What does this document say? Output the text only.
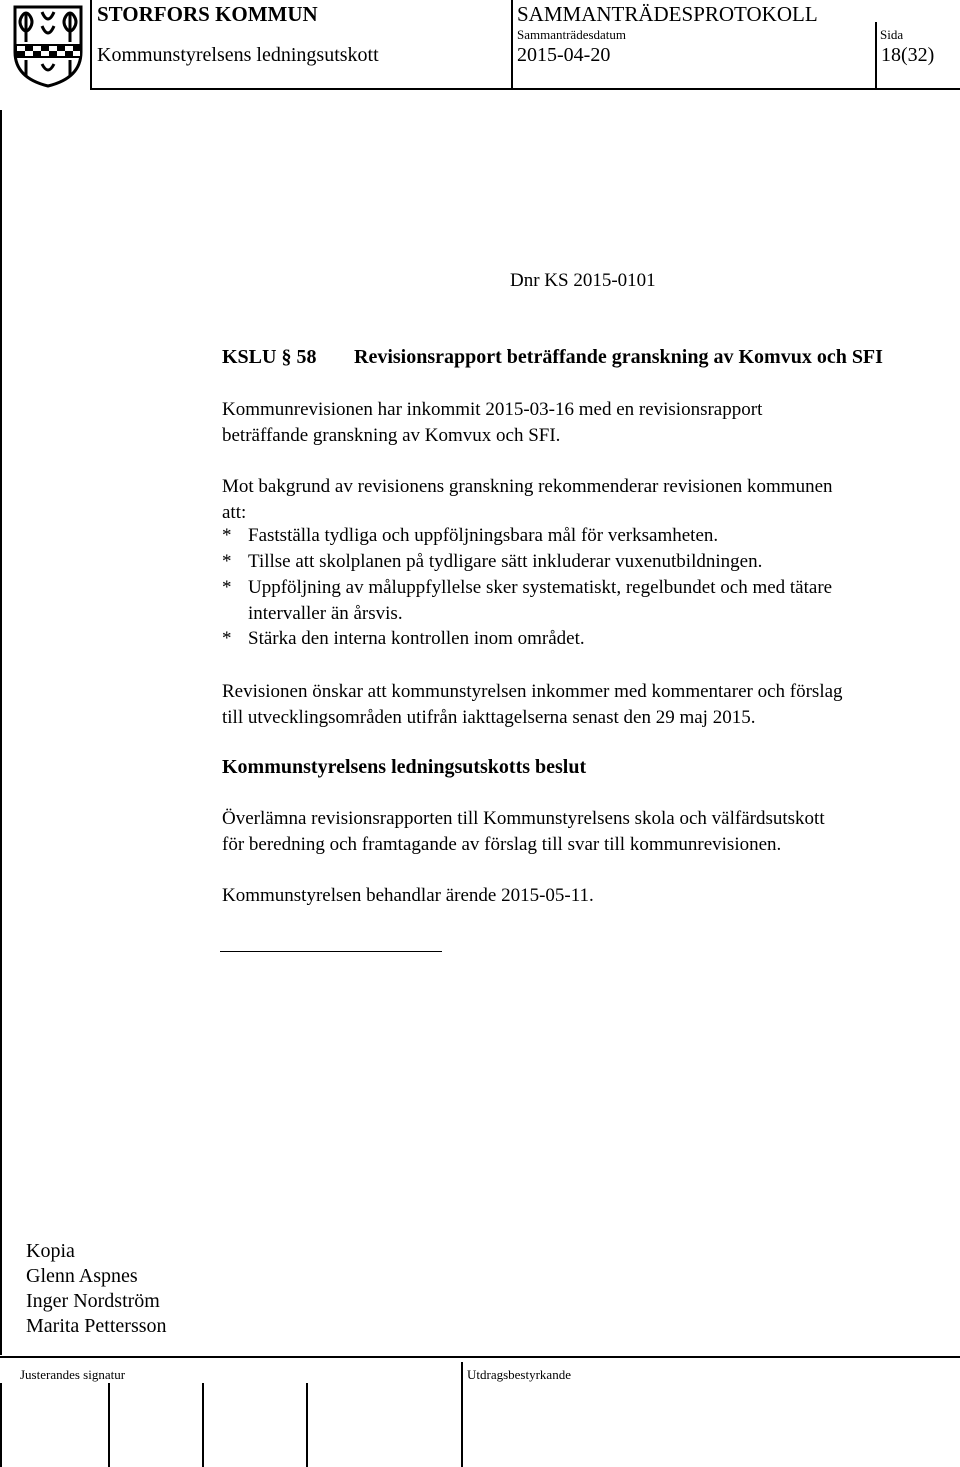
STORFORS KOMMUN

Kommunstyrelsens ledningsutskott

SAMMANTRÄDESPROTOKOLL

Sammanträdesdatum	Sida

2015-04-20	18(32)

Dnr KS 2015-0101

KSLU § 58 Revisionsrapport beträffande granskning av Komvux och SFI

Kommunrevisionen har inkommit 2015-03-16 med en revisionsrapport
beträffande granskning av Komvux och SFI.
Mot bakgrund av revisionens granskning rekommenderar revisionen kommunen
att:
* Fastställa tydliga och uppföljningsbara mål för verksamheten.
* Tillse att skolplanen på tydligare sätt inkluderar vuxenutbildningen.
* Uppföljning av måluppfyllelse sker systematiskt, regelbundet och med tätare
intervaller än årsvis.
* Stärka den interna kontrollen inom området.
Revisionen önskar att kommunstyrelsen inkommer med kommentarer och förslag
till utvecklingsområden utifrån iakttagelserna senast den 29 maj 2015.

Kommunstyrelsens ledningsutskotts beslut

Överlämna revisionsrapporten till Kommunstyrelsens skola och välfärdsutskott
för beredning och framtagande av förslag till svar till kommunrevisionen.

Kommunstyrelsen behandlar ärende 2015-05-11.

Kopia
Glenn Aspnes
Inger Nordström
Marita Pettersson

Justerandes signatur	Utdragsbestyrkande
